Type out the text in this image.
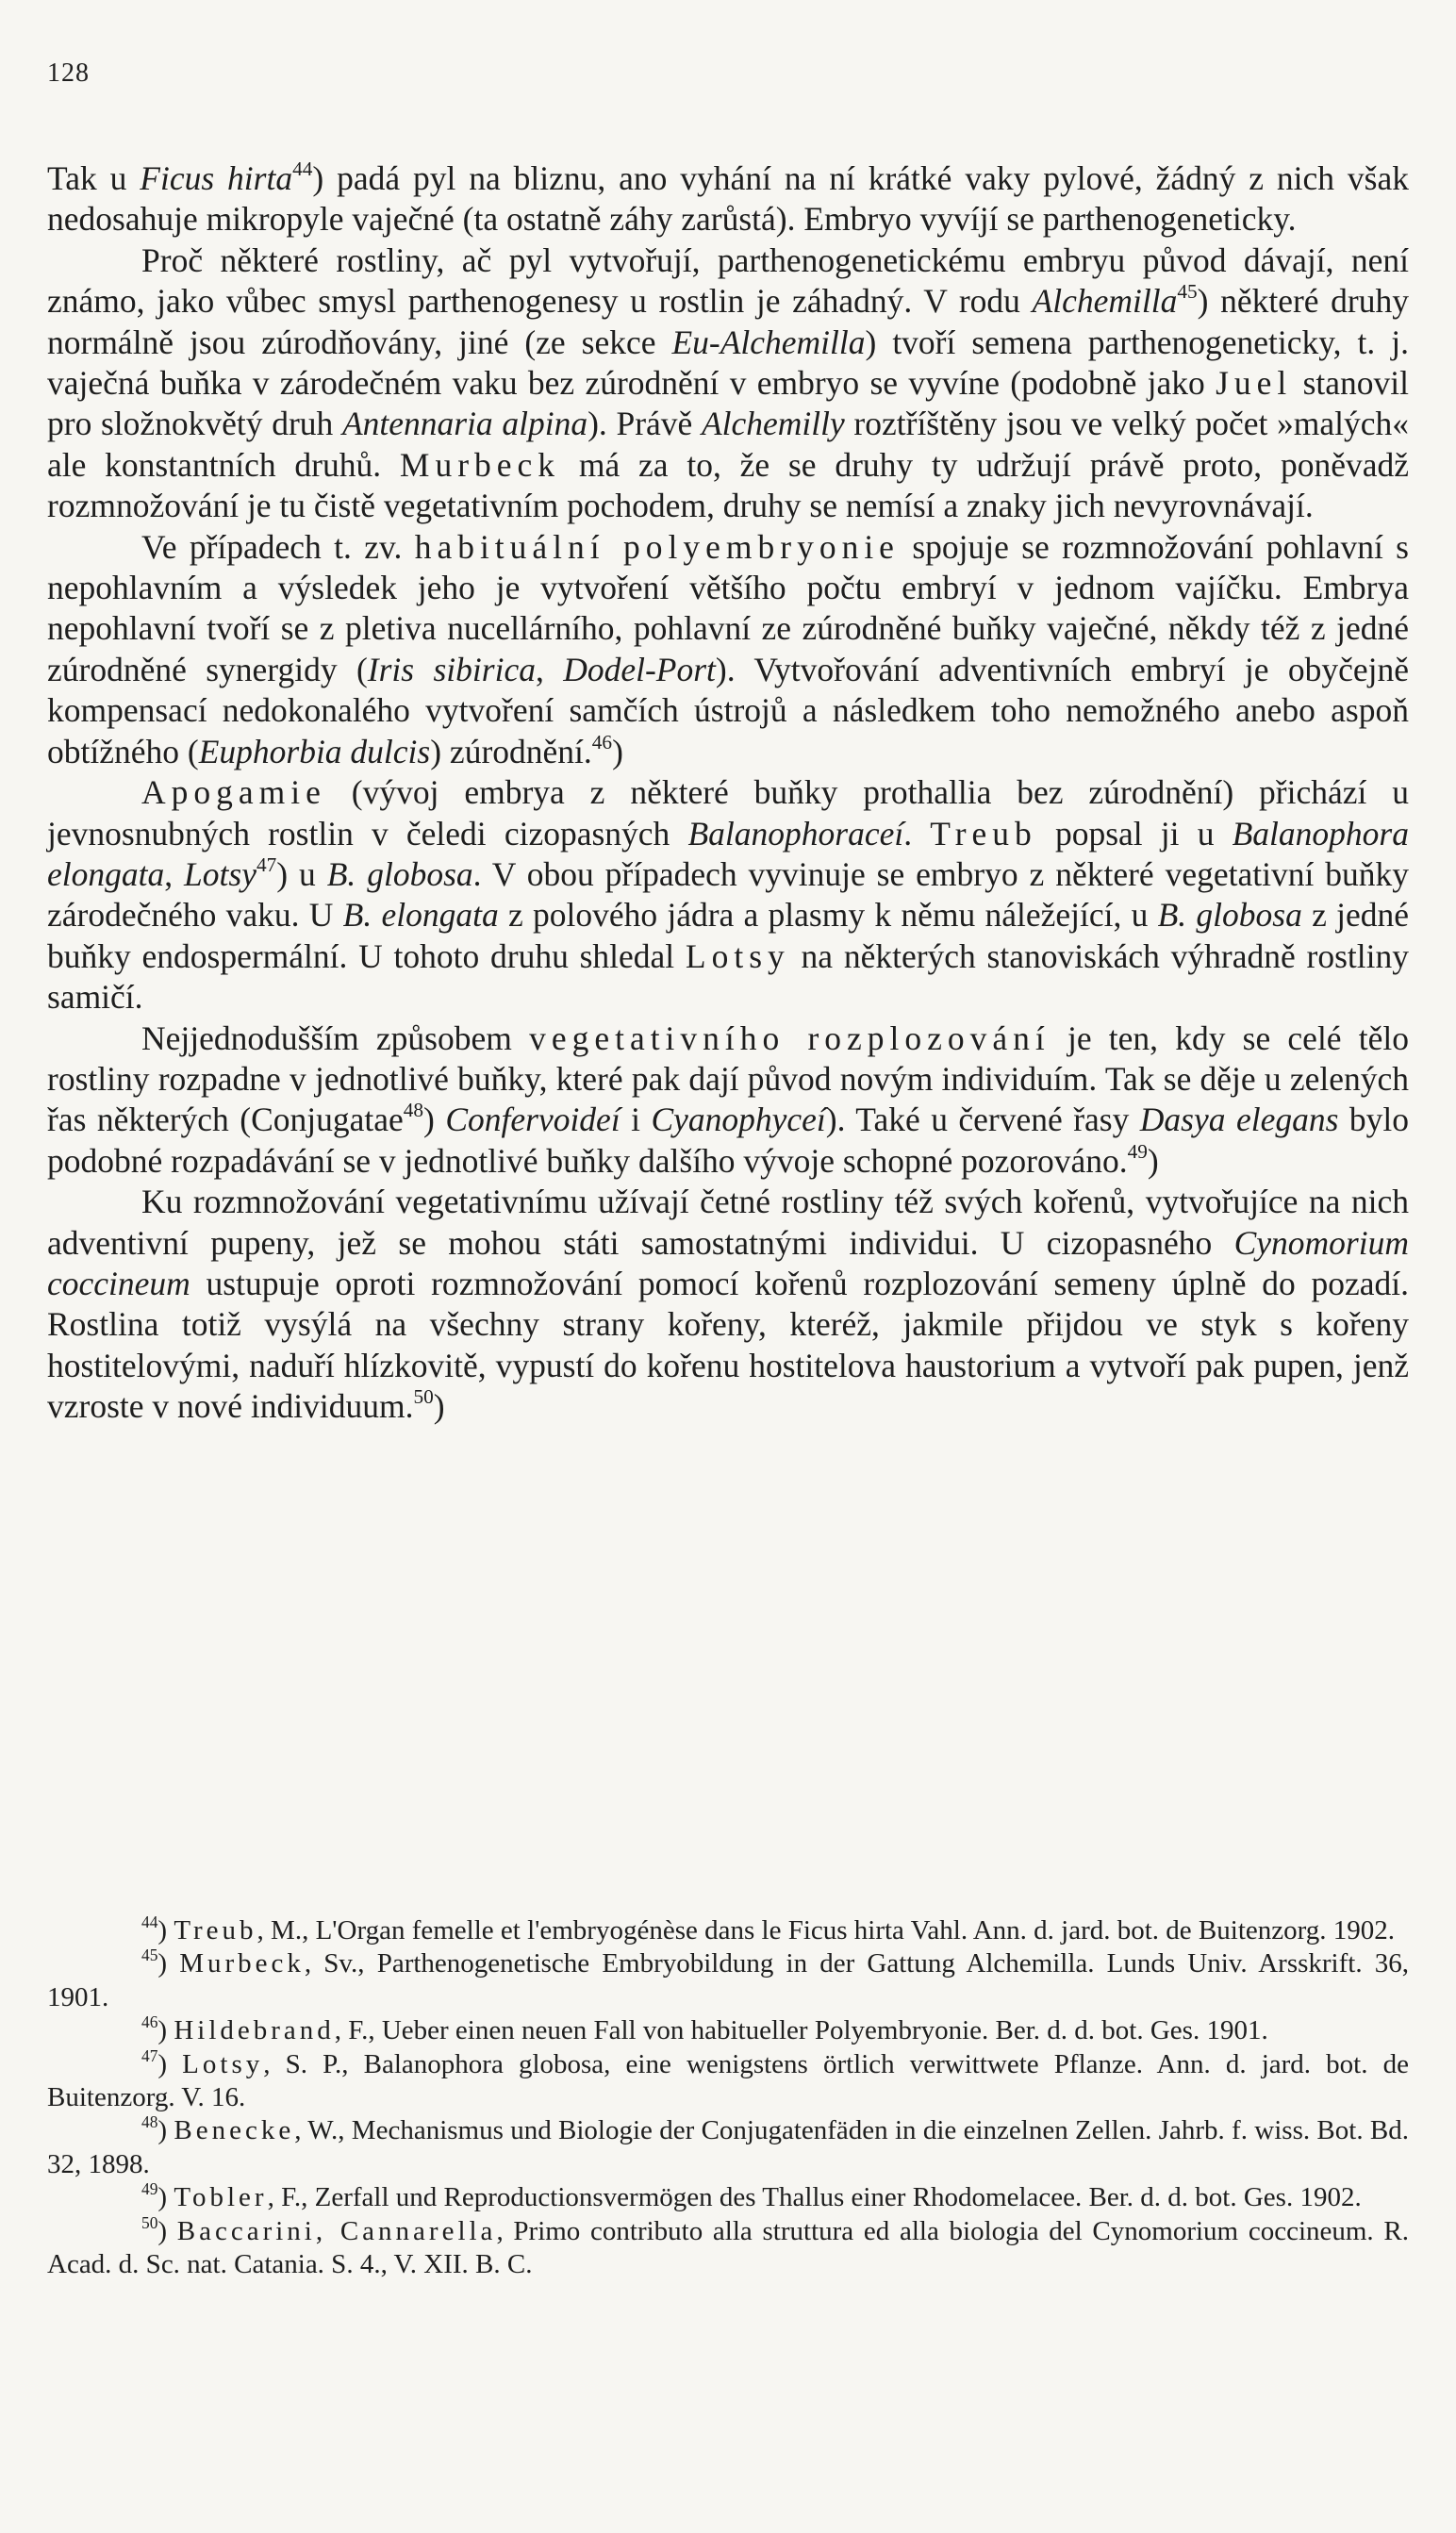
128

Tak u Ficus hirta$^{44}$) padá pyl na bliznu, ano vyhání na ní krátké vaky pylové, žádný z nich však nedosahuje mikropyle vaječné (ta ostatně záhy zarůstá). Embryo vyvíjí se parthenogeneticky.

Proč některé rostliny, ač pyl vytvořují, parthenogenetickému embryu původ dávají, není známo, jako vůbec smysl parthenogenesy u rostlin je záhadný. V rodu Alchemilla$^{45}$) některé druhy normálně jsou zúrodňovány, jiné (ze sekce Eu-Alchemilla) tvoří semena parthenogeneticky, t. j. vaječná buňka v zárodečném vaku bez zúrodnění v embryo se vyvíne (podobně jako Juel stanovil pro složnokvětý druh Antennaria alpina). Právě Alchemilly roztříštěny jsou ve velký počet »malých« ale konstantních druhů. Murbeck má za to, že se druhy ty udržují právě proto, poněvadž rozmnožování je tu čistě vegetativním pochodem, druhy se nemísí a znaky jich nevyrovnávají.

Ve případech t. zv. habituální polyembryonie spojuje se rozmnožování pohlavní s nepohlavním a výsledek jeho je vytvoření většího počtu embryí v jednom vajíčku. Embrya nepohlavní tvoří se z pletiva nucellárního, pohlavní ze zúrodněné buňky vaječné, někdy též z jedné zúrodněné synergidy (Iris sibirica, Dodel-Port). Vytvořování adventivních embryí je obyčejně kompensací nedokonalého vytvoření samčích ústrojů a následkem toho nemožného anebo aspoň obtížného (Euphorbia dulcis) zúrodnění.$^{46}$)

Apogamie (vývoj embrya z některé buňky prothallia bez zúrodnění) přichází u jevnosnubných rostlin v čeledi cizopasných Balanophoraceí. Treub popsal ji u Balanophora elongata, Lotsy$^{47}$) u B. globosa. V obou případech vyvinuje se embryo z některé vegetativní buňky zárodečného vaku. U B. elongata z polového jádra a plasmy k němu náležející, u B. globosa z jedné buňky endospermální. U tohoto druhu shledal Lotsy na některých stanoviskách výhradně rostliny samičí.

Nejjednodušším způsobem vegetativního rozplozování je ten, kdy se celé tělo rostliny rozpadne v jednotlivé buňky, které pak dají původ novým individuím. Tak se děje u zelených řas některých (Conjugatae$^{48}$) Confervoideí i Cyanophyceí). Také u červené řasy Dasya elegans bylo podobné rozpadávání se v jednotlivé buňky dalšího vývoje schopné pozorováno.$^{49}$)

Ku rozmnožování vegetativnímu užívají četné rostliny též svých kořenů, vytvořujíce na nich adventivní pupeny, jež se mohou státi samostatnými individui. U cizopasného Cynomorium coccineum ustupuje oproti rozmnožování pomocí kořenů rozplozování semeny úplně do pozadí. Rostlina totiž vysýlá na všechny strany kořeny, kteréž, jakmile přijdou ve styk s kořeny hostitelovými, naduří hlízkovitě, vypustí do kořenu hostitelova haustorium a vytvoří pak pupen, jenž vzroste v nové individuum.$^{50}$)

$^{44}$) Treub, M., L'Organ femelle et l'embryogénèse dans le Ficus hirta Vahl. Ann. d. jard. bot. de Buitenzorg. 1902.

$^{45}$) Murbeck, Sv., Parthenogenetische Embryobildung in der Gattung Alchemilla. Lunds Univ. Arsskrift. 36, 1901.

$^{46}$) Hildebrand, F., Ueber einen neuen Fall von habitueller Polyembryonie. Ber. d. d. bot. Ges. 1901.

$^{47}$) Lotsy, S. P., Balanophora globosa, eine wenigstens örtlich verwittwete Pflanze. Ann. d. jard. bot. de Buitenzorg. V. 16.

$^{48}$) Benecke, W., Mechanismus und Biologie der Conjugatenfäden in die einzelnen Zellen. Jahrb. f. wiss. Bot. Bd. 32, 1898.

$^{49}$) Tobler, F., Zerfall und Reproductionsvermögen des Thallus einer Rhodomelacee. Ber. d. d. bot. Ges. 1902.

$^{50}$) Baccarini, Cannarella, Primo contributo alla struttura ed alla biologia del Cynomorium coccineum. R. Acad. d. Sc. nat. Catania. S. 4., V. XII. B. C.
